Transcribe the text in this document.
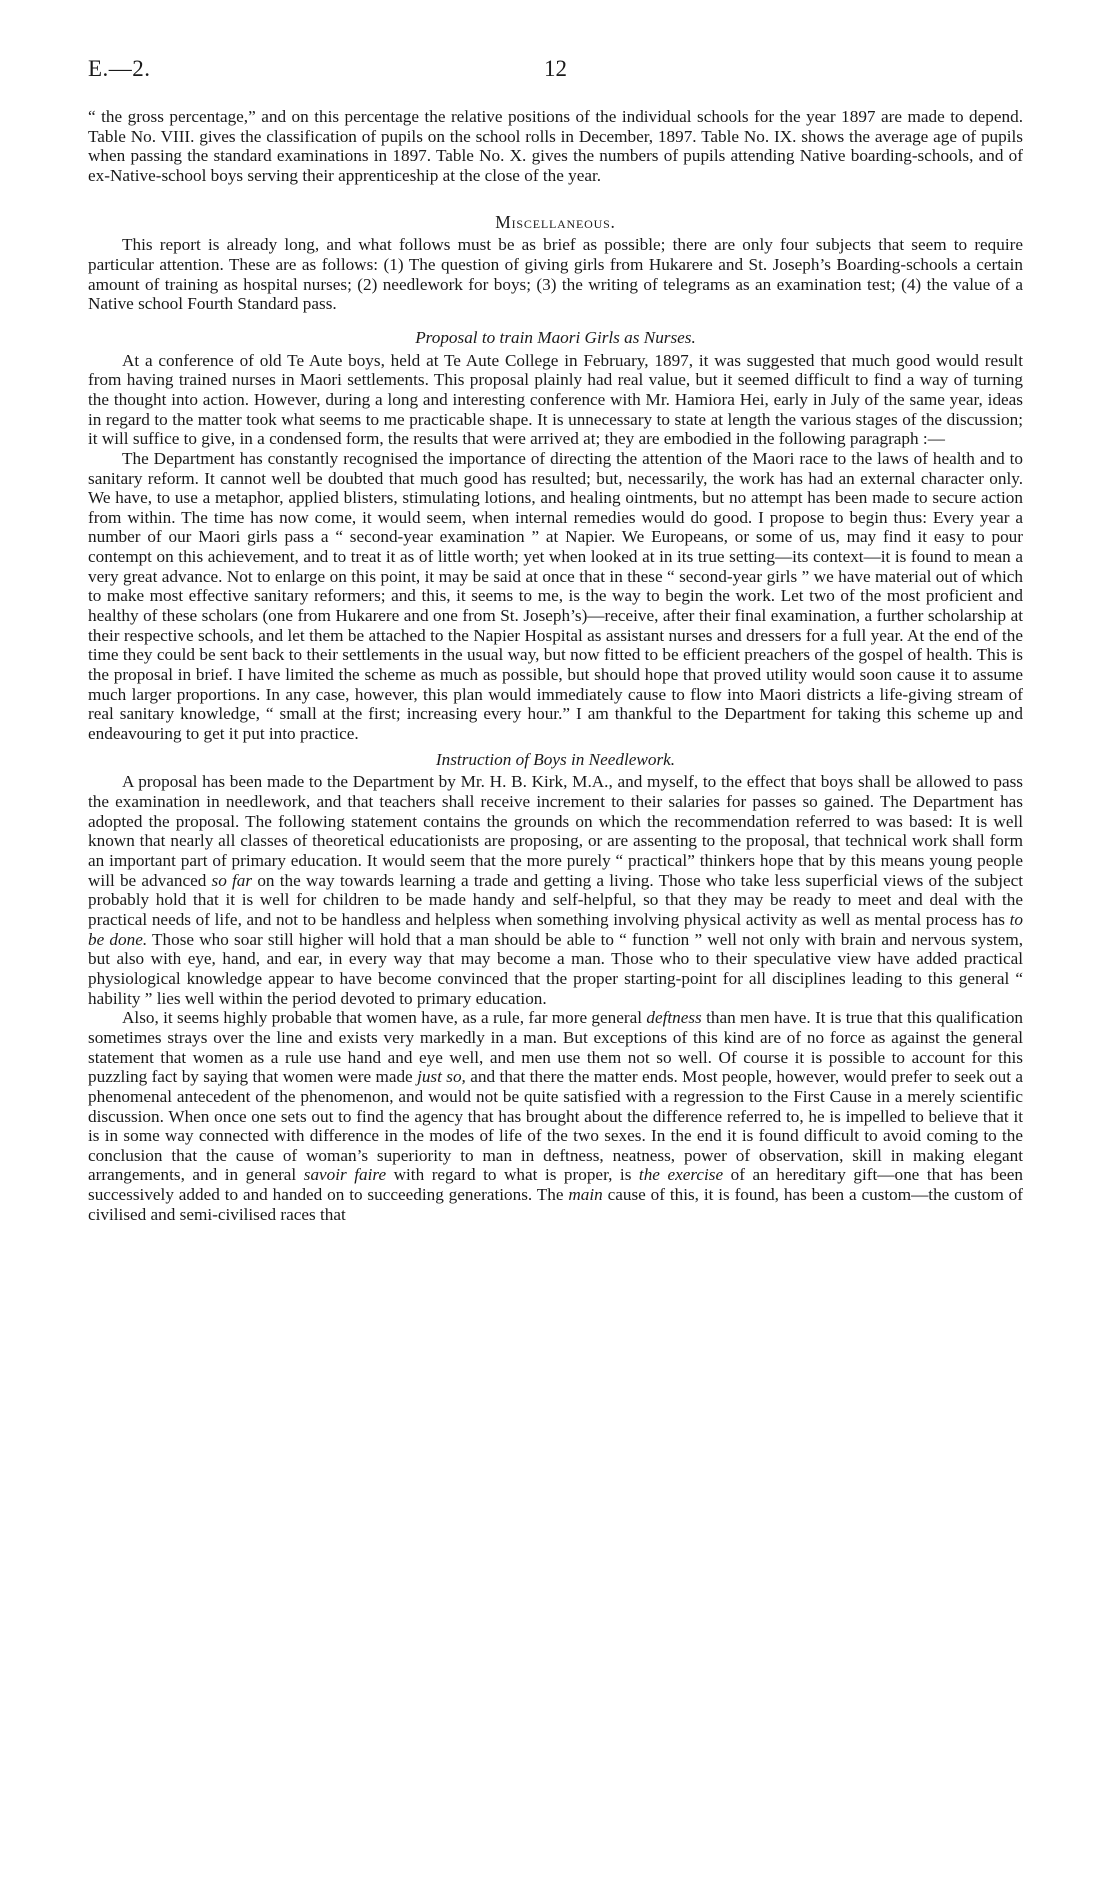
E.—2.	12

“ the gross percentage,” and on this percentage the relative positions of the individual schools for the year 1897 are made to depend. Table No. VIII. gives the classification of pupils on the school rolls in December, 1897. Table No. IX. shows the average age of pupils when passing the standard examinations in 1897. Table No. X. gives the numbers of pupils attending Native boarding-schools, and of ex-Native-school boys serving their apprenticeship at the close of the year.

Miscellaneous.

This report is already long, and what follows must be as brief as possible; there are only four subjects that seem to require particular attention. These are as follows: (1) The question of giving girls from Hukarere and St. Joseph’s Boarding-schools a certain amount of training as hospital nurses; (2) needlework for boys; (3) the writing of telegrams as an examination test; (4) the value of a Native school Fourth Standard pass.

Proposal to train Maori Girls as Nurses.

At a conference of old Te Aute boys, held at Te Aute College in February, 1897, it was suggested that much good would result from having trained nurses in Maori settlements. This proposal plainly had real value, but it seemed difficult to find a way of turning the thought into action. However, during a long and interesting conference with Mr. Hamiora Hei, early in July of the same year, ideas in regard to the matter took what seems to me practicable shape. It is unnecessary to state at length the various stages of the discussion; it will suffice to give, in a condensed form, the results that were arrived at; they are embodied in the following paragraph :—

The Department has constantly recognised the importance of directing the attention of the Maori race to the laws of health and to sanitary reform. It cannot well be doubted that much good has resulted; but, necessarily, the work has had an external character only. We have, to use a metaphor, applied blisters, stimulating lotions, and healing ointments, but no attempt has been made to secure action from within. The time has now come, it would seem, when internal remedies would do good. I propose to begin thus: Every year a number of our Maori girls pass a “ second-year examination ” at Napier. We Europeans, or some of us, may find it easy to pour contempt on this achievement, and to treat it as of little worth; yet when looked at in its true setting—its context—it is found to mean a very great advance. Not to enlarge on this point, it may be said at once that in these “ second-year girls ” we have material out of which to make most effective sanitary reformers; and this, it seems to me, is the way to begin the work. Let two of the most proficient and healthy of these scholars (one from Hukarere and one from St. Joseph’s)—receive, after their final examination, a further scholarship at their respective schools, and let them be attached to the Napier Hospital as assistant nurses and dressers for a full year. At the end of the time they could be sent back to their settlements in the usual way, but now fitted to be efficient preachers of the gospel of health. This is the proposal in brief. I have limited the scheme as much as possible, but should hope that proved utility would soon cause it to assume much larger proportions. In any case, however, this plan would immediately cause to flow into Maori districts a life-giving stream of real sanitary knowledge, “ small at the first; increasing every hour.” I am thankful to the Department for taking this scheme up and endeavouring to get it put into practice.

Instruction of Boys in Needlework.

A proposal has been made to the Department by Mr. H. B. Kirk, M.A., and myself, to the effect that boys shall be allowed to pass the examination in needlework, and that teachers shall receive increment to their salaries for passes so gained. The Department has adopted the proposal. The following statement contains the grounds on which the recommendation referred to was based: It is well known that nearly all classes of theoretical educationists are proposing, or are assenting to the proposal, that technical work shall form an important part of primary education. It would seem that the more purely “ practical” thinkers hope that by this means young people will be advanced so far on the way towards learning a trade and getting a living. Those who take less superficial views of the subject probably hold that it is well for children to be made handy and self-helpful, so that they may be ready to meet and deal with the practical needs of life, and not to be handless and helpless when something involving physical activity as well as mental process has to be done. Those who soar still higher will hold that a man should be able to “ function ” well not only with brain and nervous system, but also with eye, hand, and ear, in every way that may become a man. Those who to their speculative view have added practical physiological knowledge appear to have become convinced that the proper starting-point for all disciplines leading to this general “ hability ” lies well within the period devoted to primary education.

Also, it seems highly probable that women have, as a rule, far more general deftness than men have. It is true that this qualification sometimes strays over the line and exists very markedly in a man. But exceptions of this kind are of no force as against the general statement that women as a rule use hand and eye well, and men use them not so well. Of course it is possible to account for this puzzling fact by saying that women were made just so, and that there the matter ends. Most people, however, would prefer to seek out a phenomenal antecedent of the phenomenon, and would not be quite satisfied with a regression to the First Cause in a merely scientific discussion. When once one sets out to find the agency that has brought about the difference referred to, he is impelled to believe that it is in some way connected with difference in the modes of life of the two sexes. In the end it is found difficult to avoid coming to the conclusion that the cause of woman’s superiority to man in deftness, neatness, power of observation, skill in making elegant arrangements, and in general savoir faire with regard to what is proper, is the exercise of an hereditary gift—one that has been successively added to and handed on to succeeding generations. The main cause of this, it is found, has been a custom—the custom of civilised and semi-civilised races that
